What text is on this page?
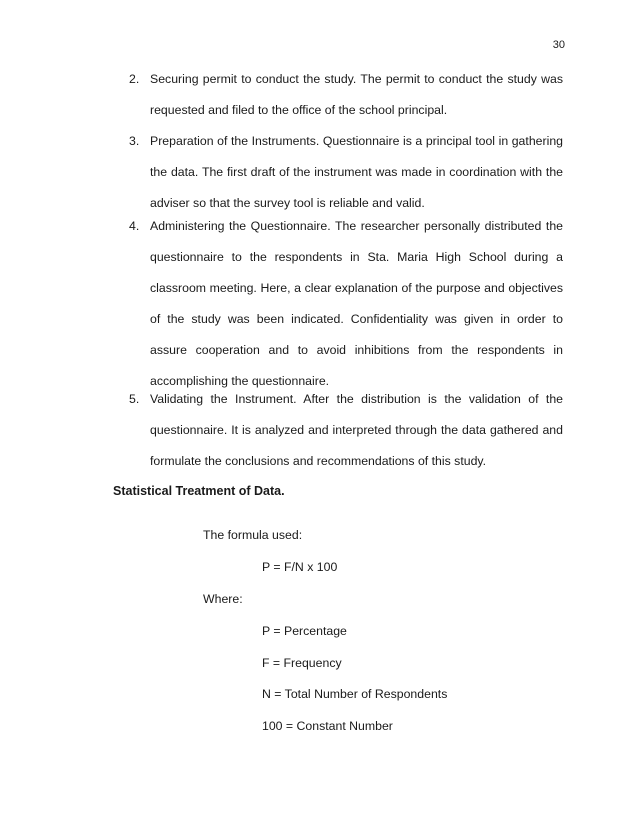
30
2. Securing permit to conduct the study. The permit to conduct the study was requested and filed to the office of the school principal.
3. Preparation of the Instruments. Questionnaire is a principal tool in gathering the data. The first draft of the instrument was made in coordination with the adviser so that the survey tool is reliable and valid.
4. Administering the Questionnaire. The researcher personally distributed the questionnaire to the respondents in Sta. Maria High School during a classroom meeting. Here, a clear explanation of the purpose and objectives of the study was been indicated. Confidentiality was given in order to assure cooperation and to avoid inhibitions from the respondents in accomplishing the questionnaire.
5. Validating the Instrument. After the distribution is the validation of the questionnaire. It is analyzed and interpreted through the data gathered and formulate the conclusions and recommendations of this study.
Statistical Treatment of Data.
The formula used:
P = F/N x 100
Where:
P = Percentage
F = Frequency
N = Total Number of Respondents
100 = Constant Number
